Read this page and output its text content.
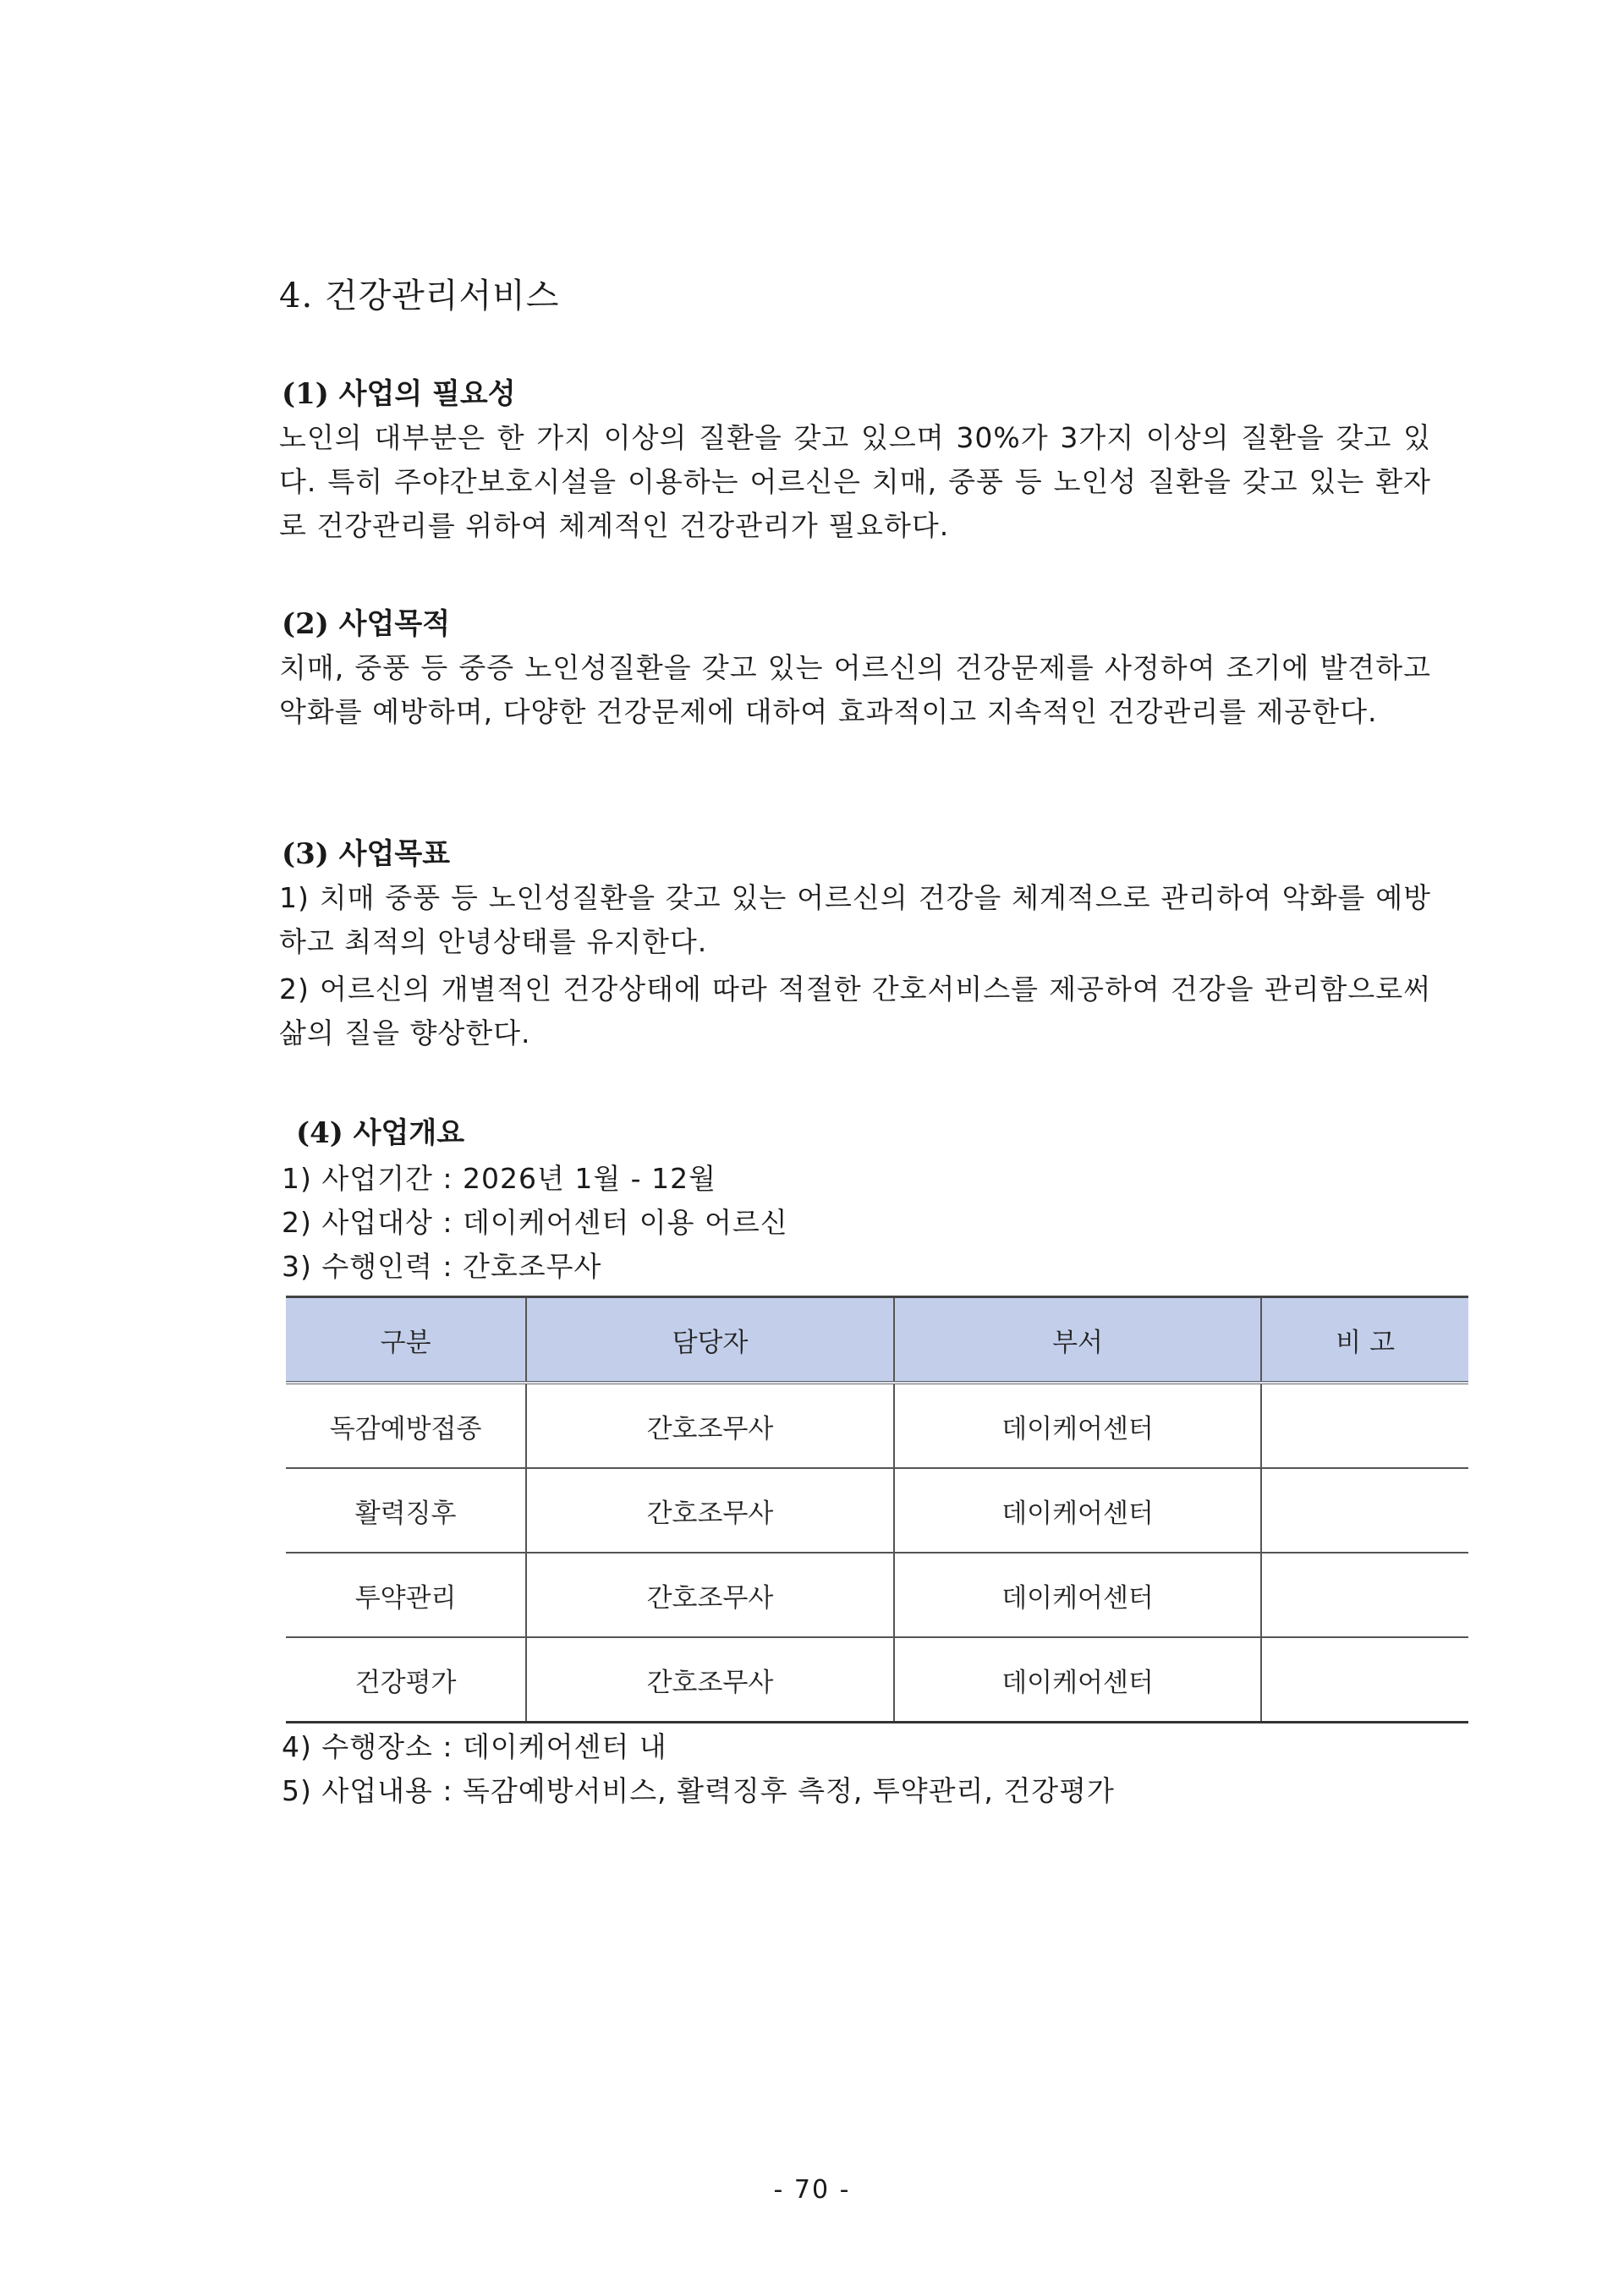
4. 건강관리서비스
(1) 사업의 필요성
노인의 대부분은 한 가지 이상의 질환을 갖고 있으며 30%가 3가지 이상의 질환을 갖고 있다. 특히 주야간보호시설을 이용하는 어르신은 치매, 중풍 등 노인성 질환을 갖고 있는 환자로 건강관리를 위하여 체계적인 건강관리가 필요하다.
(2) 사업목적
치매, 중풍 등 중증 노인성질환을 갖고 있는 어르신의 건강문제를 사정하여 조기에 발견하고 악화를 예방하며, 다양한 건강문제에 대하여 효과적이고 지속적인 건강관리를 제공한다.
(3) 사업목표
1) 치매 중풍 등 노인성질환을 갖고 있는 어르신의 건강을 체계적으로 관리하여 악화를 예방하고 최적의 안녕상태를 유지한다.
2) 어르신의 개별적인 건강상태에 따라 적절한 간호서비스를 제공하여 건강을 관리함으로써 삶의 질을 향상한다.
(4) 사업개요
1) 사업기간 : 2026년 1월 - 12월
2) 사업대상 : 데이케어센터 이용 어르신
3) 수행인력 : 간호조무사
구분	담당자	부서	비 고
독감예방접종	간호조무사	데이케어센터	
활력징후	간호조무사	데이케어센터	
투약관리	간호조무사	데이케어센터	
건강평가	간호조무사	데이케어센터	
4) 수행장소 : 데이케어센터 내
5) 사업내용 : 독감예방서비스, 활력징후 측정, 투약관리, 건강평가
- 70 -
